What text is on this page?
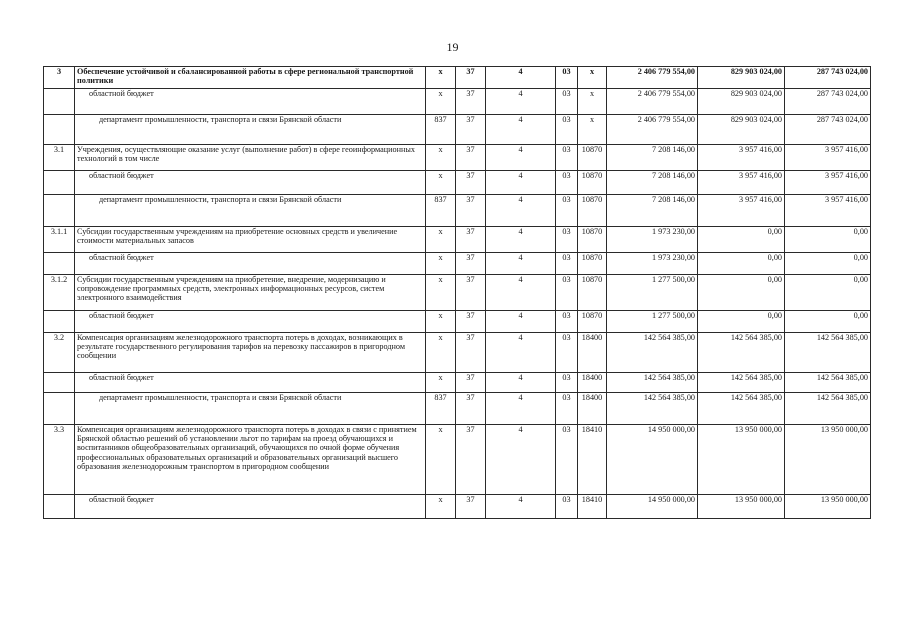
19
3	Обеспечение устойчивой и сбалансированной работы в сфере региональной транспортной политики	x	37	4	03	x	2 406 779 554,00	829 903 024,00	287 743 024,00
	областной бюджет	x	37	4	03	x	2 406 779 554,00	829 903 024,00	287 743 024,00
	департамент промышленности, транспорта и связи Брянской области	837	37	4	03	x	2 406 779 554,00	829 903 024,00	287 743 024,00
3.1	Учреждения, осуществляющие оказание услуг (выполнение работ) в сфере геоинформационных технологий в том числе	x	37	4	03	10870	7 208 146,00	3 957 416,00	3 957 416,00
	областной бюджет	x	37	4	03	10870	7 208 146,00	3 957 416,00	3 957 416,00
	департамент промышленности, транспорта и связи Брянской области	837	37	4	03	10870	7 208 146,00	3 957 416,00	3 957 416,00
3.1.1	Субсидии государственным учреждениям на приобретение основных средств и увеличение стоимости материальных запасов	x	37	4	03	10870	1 973 230,00	0,00	0,00
	областной бюджет	x	37	4	03	10870	1 973 230,00	0,00	0,00
3.1.2	Субсидии государственным учреждениям на приобретение, внедрение, модернизацию и сопровождение программных средств, электронных информационных ресурсов, систем электронного взаимодействия	x	37	4	03	10870	1 277 500,00	0,00	0,00
	областной бюджет	x	37	4	03	10870	1 277 500,00	0,00	0,00
3.2	Компенсация организациям железнодорожного транспорта потерь в доходах, возникающих в результате государственного регулирования тарифов на перевозку пассажиров в пригородном сообщении	x	37	4	03	18400	142 564 385,00	142 564 385,00	142 564 385,00
	областной бюджет	x	37	4	03	18400	142 564 385,00	142 564 385,00	142 564 385,00
	департамент промышленности, транспорта и связи Брянской области	837	37	4	03	18400	142 564 385,00	142 564 385,00	142 564 385,00
3.3	Компенсация организациям железнодорожного транспорта потерь в доходах в связи с принятием Брянской областью решений об установлении льгот по тарифам на проезд обучающихся и воспитанников общеобразовательных организаций, обучающихся по очной форме обучения профессиональных образовательных организаций и образовательных организаций высшего образования железнодорожным транспортом в пригородном сообщении	x	37	4	03	18410	14 950 000,00	13 950 000,00	13 950 000,00
	областной бюджет	x	37	4	03	18410	14 950 000,00	13 950 000,00	13 950 000,00
